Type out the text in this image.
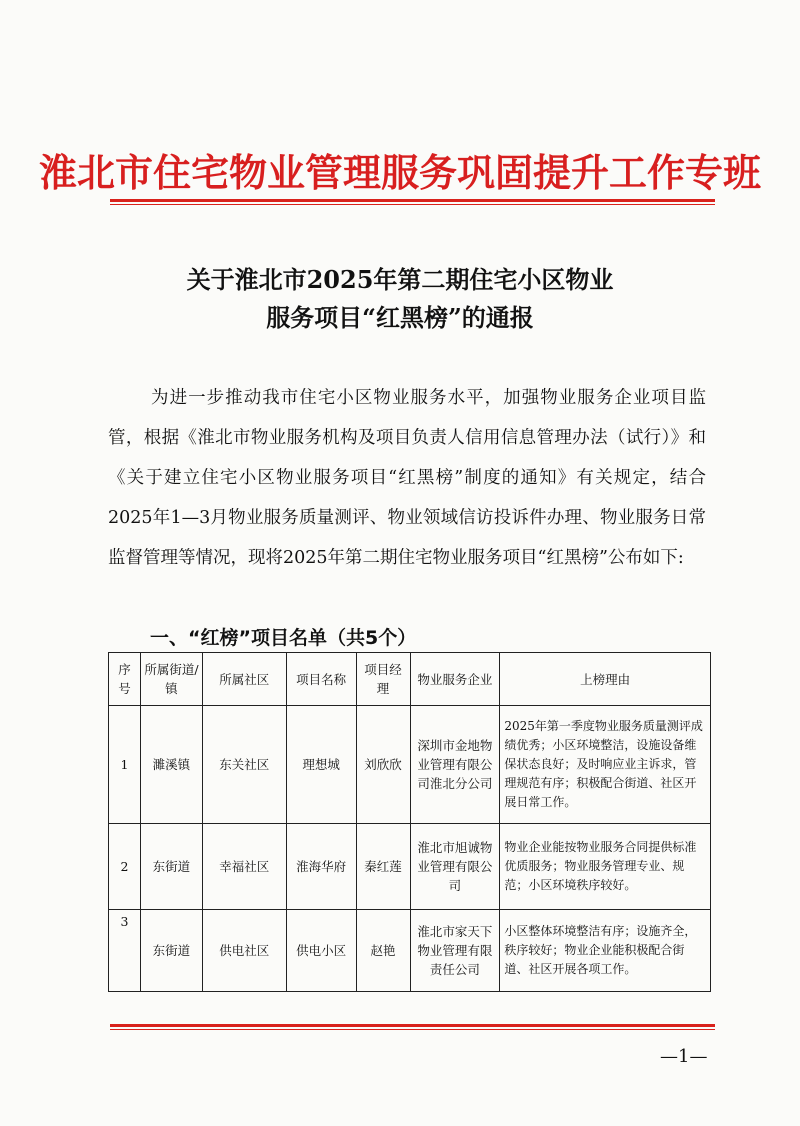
淮北市住宅物业管理服务巩固提升工作专班
关于淮北市2025年第二期住宅小区物业
服务项目“红黑榜”的通报
为进一步推动我市住宅小区物业服务水平，加强物业服务企业项目监管，根据《淮北市物业服务机构及项目负责人信用信息管理办法（试行）》和《关于建立住宅小区物业服务项目“红黑榜”制度的通知》有关规定，结合2025年1—3月物业服务质量测评、物业领域信访投诉件办理、物业服务日常监督管理等情况，现将2025年第二期住宅物业服务项目“红黑榜”公布如下:
一、“红榜”项目名单（共5个）
序号	所属街道/镇	所属社区	项目名称	项目经理	物业服务企业	上榜理由
1	濉溪镇	东关社区	理想城	刘欣欣	深圳市金地物业管理有限公司淮北分公司	2025年第一季度物业服务质量测评成绩优秀；小区环境整洁，设施设备维保状态良好；及时响应业主诉求，管理规范有序；积极配合街道、社区开展日常工作。
2	东街道	幸福社区	淮海华府	秦红莲	淮北市旭诚物业管理有限公司	物业企业能按物业服务合同提供标准优质服务；物业服务管理专业、规范；小区环境秩序较好。
3	东街道	供电社区	供电小区	赵艳	淮北市家天下物业管理有限责任公司	小区整体环境整洁有序；设施齐全，秩序较好；物业企业能积极配合街道、社区开展各项工作。
—1—
